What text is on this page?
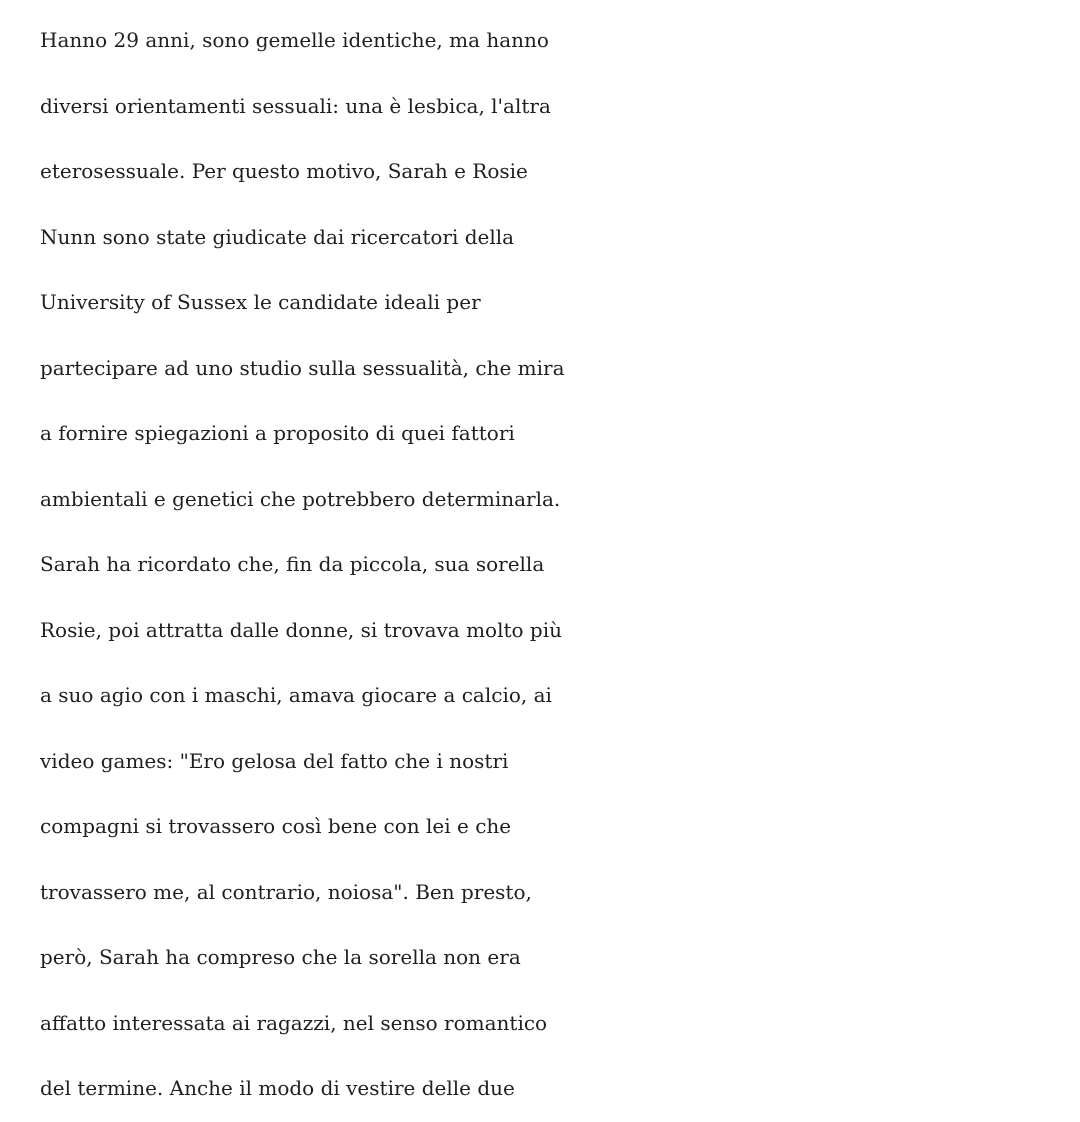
Hanno 29 anni, sono gemelle identiche, ma hanno
diversi orientamenti sessuali: una è lesbica, l'altra
eterosessuale. Per questo motivo, Sarah e Rosie
Nunn sono state giudicate dai ricercatori della
University of Sussex le candidate ideali per
partecipare ad uno studio sulla sessualità, che mira
a fornire spiegazioni a proposito di quei fattori
ambientali e genetici che potrebbero determinarla.
Sarah ha ricordato che, fin da piccola, sua sorella
Rosie, poi attratta dalle donne, si trovava molto più
a suo agio con i maschi, amava giocare a calcio, ai
video games: "Ero gelosa del fatto che i nostri
compagni si trovassero così bene con lei e che
trovassero me, al contrario, noiosa". Ben presto,
però, Sarah ha compreso che la sorella non era
affatto interessata ai ragazzi, nel senso romantico
del termine. Anche il modo di vestire delle due
